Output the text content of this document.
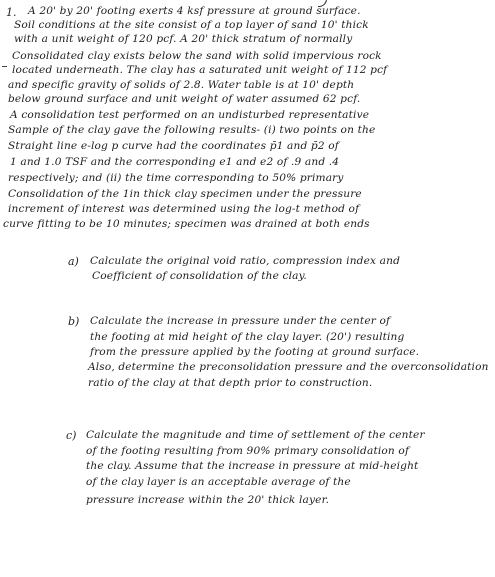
1. A 20' by 20' footing exerts 4 ksf pressure at ground surface.
Soil conditions at the site consist of a top layer of sand 10' thick
with a unit weight of 120 pcf. A 20' thick stratum of normally
Consolidated clay exists below the sand with solid impervious rock
located underneath. The clay has a saturated unit weight of 112 pcf
and specific gravity of solids of 2.8. Water table is at 10' depth
below ground surface and unit weight of water assumed 62 pcf.
A consolidation test performed on an undisturbed representative
Sample of the clay gave the following results- (i) two points on the
Straight line e-log p curve had the coordinates p̄1 and p̄2 of
1 and 1.0 TSF and the corresponding e1 and e2 of .9 and .4
respectively; and (ii) the time corresponding to 50% primary
Consolidation of the 1in thick clay specimen under the pressure
increment of interest was determined using the log-t method of
curve fitting to be 10 minutes; specimen was drained at both ends
a) Calculate the original void ratio, compression index and
Coefficient of consolidation of the clay.
b) Calculate the increase in pressure under the center of
the footing at mid height of the clay layer. (20') resulting
from the pressure applied by the footing at ground surface.
Also, determine the preconsolidation pressure and the overconsolidation
ratio of the clay at that depth prior to construction.
c) Calculate the magnitude and time of settlement of the center
of the footing resulting from 90% primary consolidation of
the clay. Assume that the increase in pressure at mid-height
of the clay layer is an acceptable average of the
pressure increase within the 20' thick layer.
